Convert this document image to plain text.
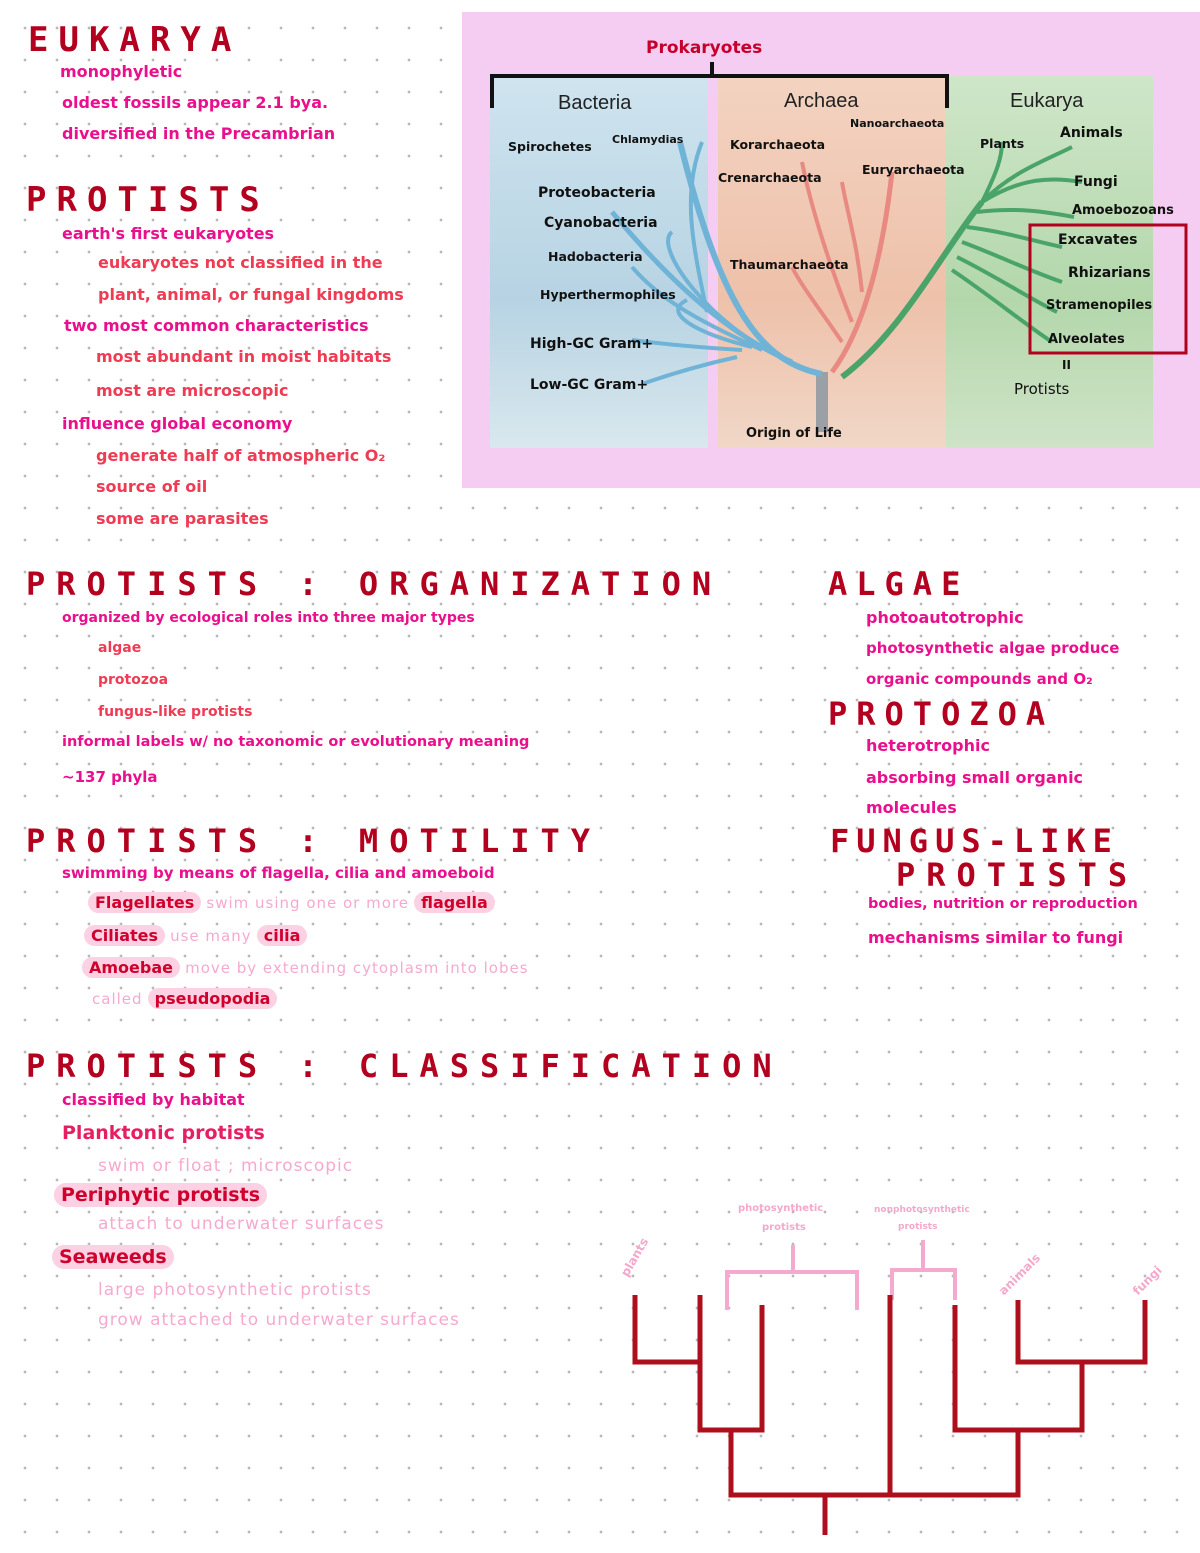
EUKARYA
monophyletic
oldest fossils appear 2.1 bya.
diversified in the Precambrian
PROTISTS
earth's first eukaryotes
eukaryotes not classified in the
plant, animal, or fungal kingdoms
two most common characteristics
most abundant in moist habitats
most are microscopic
influence global economy
generate half of atmospheric O₂
source of oil
some are parasites
Prokaryotes
Bacteria	Archaea	Eukarya
Spirochetes Chlamydias
Proteobacteria
Cyanobacteria
Hadobacteria
Hyperthermophiles
High-GC Gram+
Low-GC Gram+
Nanoarchaeota
Korarchaeota
Crenarchaeota
Euryarchaeota
Thaumarchaeota
Plants
Animals
Fungi
Amoebozoans
Excavates
Rhizarians
Stramenopiles
Alveolates
II
Protists
Origin of Life
PROTISTS : ORGANIZATION
organized by ecological roles into three major types
algae
protozoa
fungus-like protists
informal labels w/ no taxonomic or evolutionary meaning
~137 phyla
ALGAE
photoautotrophic
photosynthetic algae produce
organic compounds and O₂
PROTOZOA
heterotrophic
absorbing small organic
molecules
FUNGUS-LIKE
PROTISTS
bodies, nutrition or reproduction
mechanisms similar to fungi
PROTISTS : MOTILITY
swimming by means of flagella, cilia and amoeboid
Flagellates swim using one or more flagella
Ciliates use many cilia
Amoebae move by extending cytoplasm into lobes
called pseudopodia
PROTISTS : CLASSIFICATION
classified by habitat
Planktonic protists
swim or float ; microscopic
Periphytic protists
attach to underwater surfaces
Seaweeds
large photosynthetic protists
grow attached to underwater surfaces
photosynthetic
protists
nonphotosynthetic
protists
plants	animals	fungi
